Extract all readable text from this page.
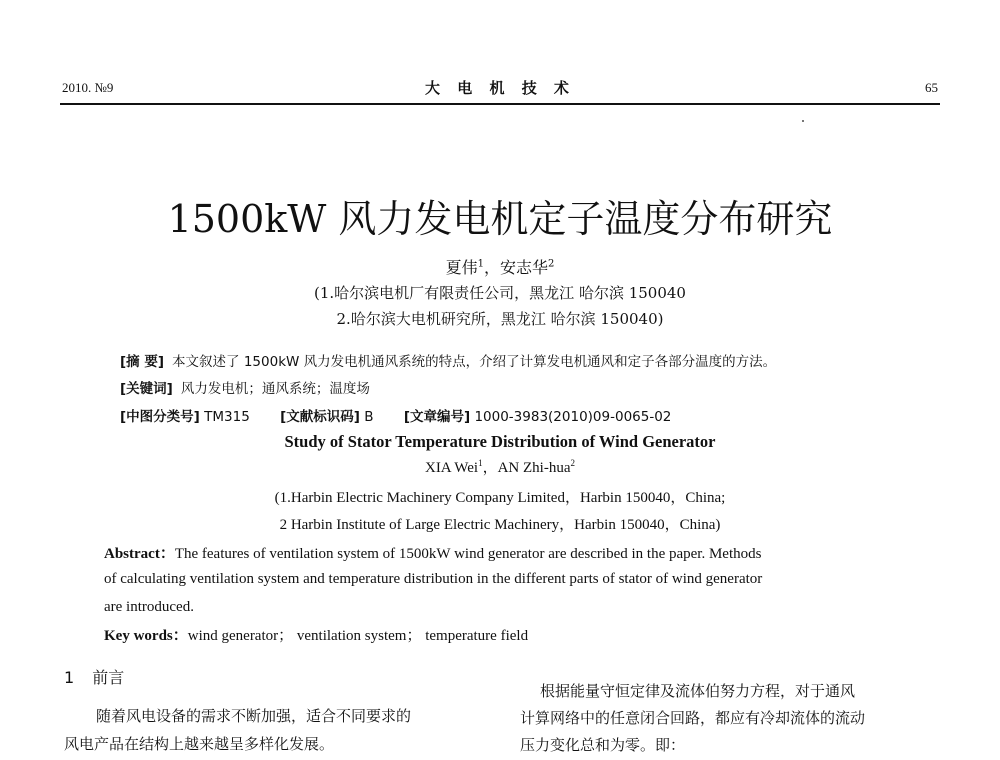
2010. №9	大 电 机 技 术	65
1500kW 风力发电机定子温度分布研究
夏伟$^1$，安志华$^2$
(1.哈尔滨电机厂有限责任公司，黑龙江 哈尔滨 150040
2.哈尔滨大电机研究所，黑龙江 哈尔滨 150040)
[摘 要] 本文叙述了 1500kW 风力发电机通风系统的特点，介绍了计算发电机通风和定子各部分温度的方法。
[关键词] 风力发电机；通风系统；温度场
[中图分类号] TM315 [文献标识码] B [文章编号] 1000-3983(2010)09-0065-02
Study of Stator Temperature Distribution of Wind Generator
XIA Wei$^1$，AN Zhi-hua$^2$
(1.Harbin Electric Machinery Company Limited，Harbin 150040，China;
2 Harbin Institute of Large Electric Machinery，Harbin 150040，China)
Abstract：The features of ventilation system of 1500kW wind generator are described in the paper. Methods
of calculating ventilation system and temperature distribution in the different parts of stator of wind generator
are introduced.
Key words：wind generator； ventilation system； temperature field
1 前言
随着风电设备的需求不断加强，适合不同要求的
风电产品在结构上越来越呈多样化发展。
根据能量守恒定律及流体伯努力方程，对于通风
计算网络中的任意闭合回路，都应有冷却流体的流动
压力变化总和为零。即：
